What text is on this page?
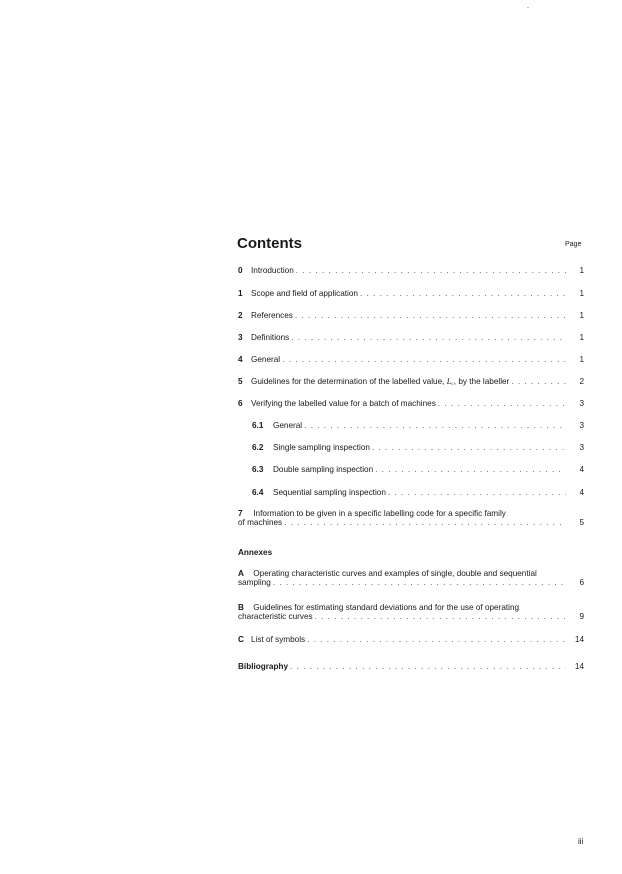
Contents	Page
0	Introduction . . .	1
1	Scope and field of application . . .	1
2	References . . .	1
3	Definitions . . .	1
4	General . . .	1
5	Guidelines for the determination of the labelled value, Lc, by the labeller . . .	2
6	Verifying the labelled value for a batch of machines . . .	3
6.1	General . . .	3
6.2	Single sampling inspection . . .	3
6.3	Double sampling inspection . . .	4
6.4	Sequential sampling inspection . . .	4
7 Information to be given in a specific labelling code for a specific family
of machines . . .	5
Annexes
A Operating characteristic curves and examples of single, double and sequential
sampling . . .	6
B Guidelines for estimating standard deviations and for the use of operating
characteristic curves . . .	9
C List of symbols . . .	14
Bibliography . . .	14
iii
